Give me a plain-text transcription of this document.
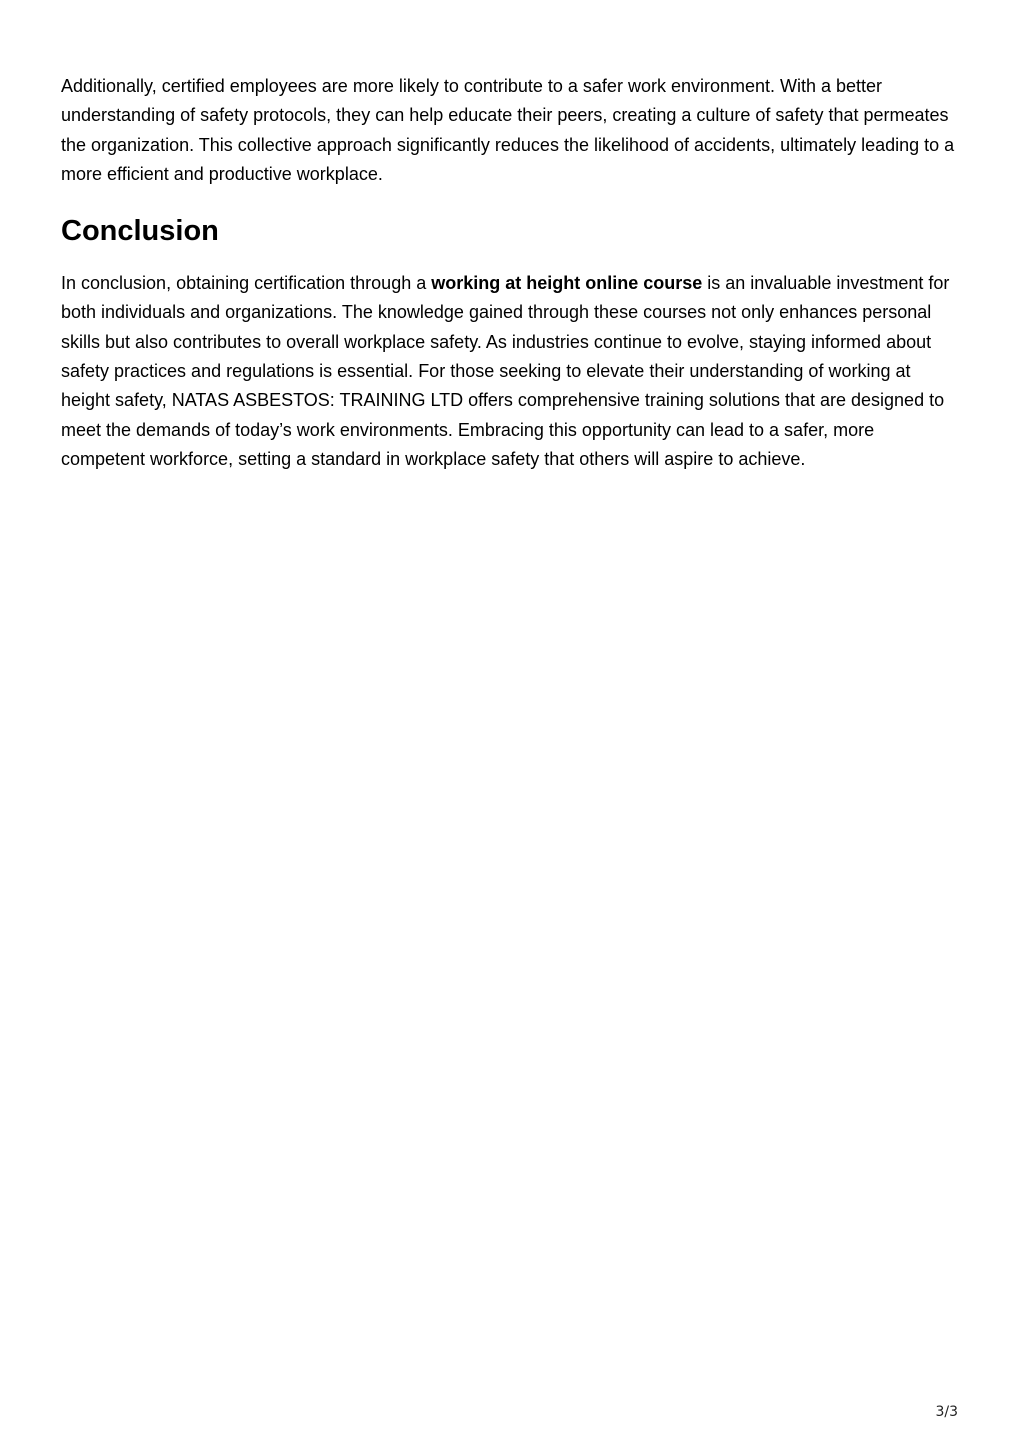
Additionally, certified employees are more likely to contribute to a safer work environment. With a better understanding of safety protocols, they can help educate their peers, creating a culture of safety that permeates the organization. This collective approach significantly reduces the likelihood of accidents, ultimately leading to a more efficient and productive workplace.

Conclusion

In conclusion, obtaining certification through a working at height online course is an invaluable investment for both individuals and organizations. The knowledge gained through these courses not only enhances personal skills but also contributes to overall workplace safety. As industries continue to evolve, staying informed about safety practices and regulations is essential. For those seeking to elevate their understanding of working at height safety, NATAS ASBESTOS: TRAINING LTD offers comprehensive training solutions that are designed to meet the demands of today’s work environments. Embracing this opportunity can lead to a safer, more competent workforce, setting a standard in workplace safety that others will aspire to achieve.

3/3
